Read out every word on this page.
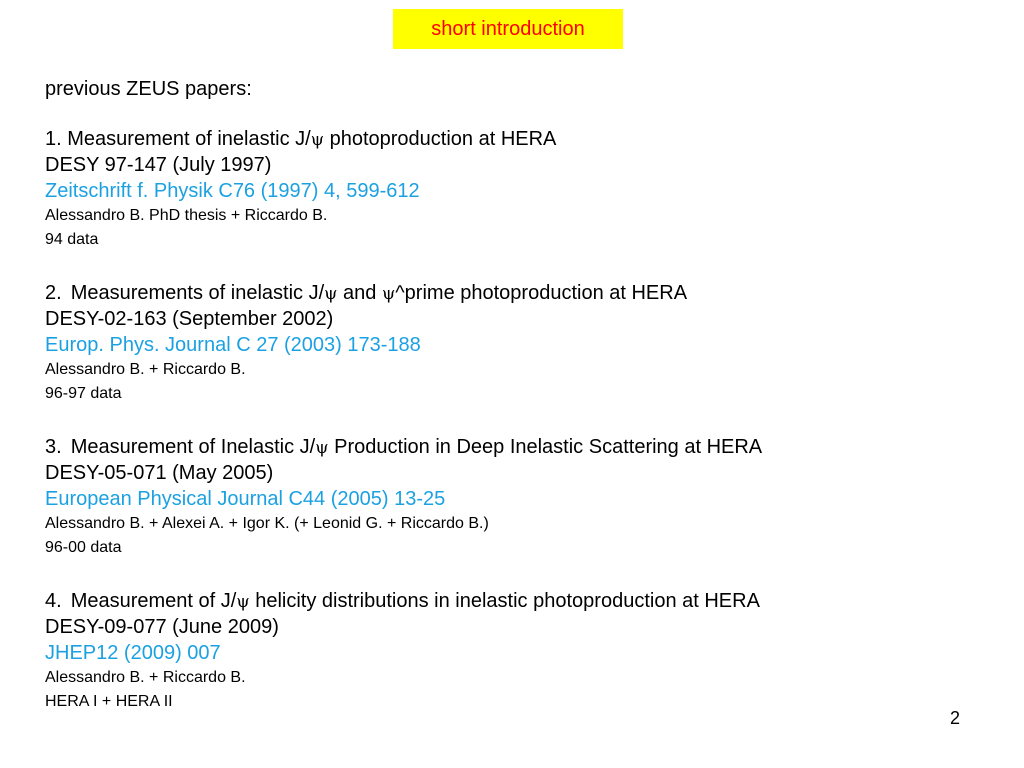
short introduction
previous ZEUS papers:
1. Measurement of inelastic J/ψ photoproduction at HERA
DESY 97-147 (July 1997)
Zeitschrift f. Physik C76 (1997) 4, 599-612
Alessandro B. PhD thesis + Riccardo B.
94 data
2. Measurements of inelastic J/ψ and ψ^prime photoproduction at HERA
DESY-02-163 (September 2002)
Europ. Phys. Journal C 27 (2003) 173-188
Alessandro B. + Riccardo B.
96-97 data
3. Measurement of Inelastic J/ψ Production in Deep Inelastic Scattering at HERA
DESY-05-071 (May 2005)
European Physical Journal C44 (2005) 13-25
Alessandro B. + Alexei A. + Igor K. (+ Leonid G. + Riccardo B.)
96-00 data
4. Measurement of J/ψ helicity distributions in inelastic photoproduction at HERA
DESY-09-077 (June 2009)
JHEP12 (2009) 007
Alessandro B. + Riccardo B.
HERA I + HERA II
2
